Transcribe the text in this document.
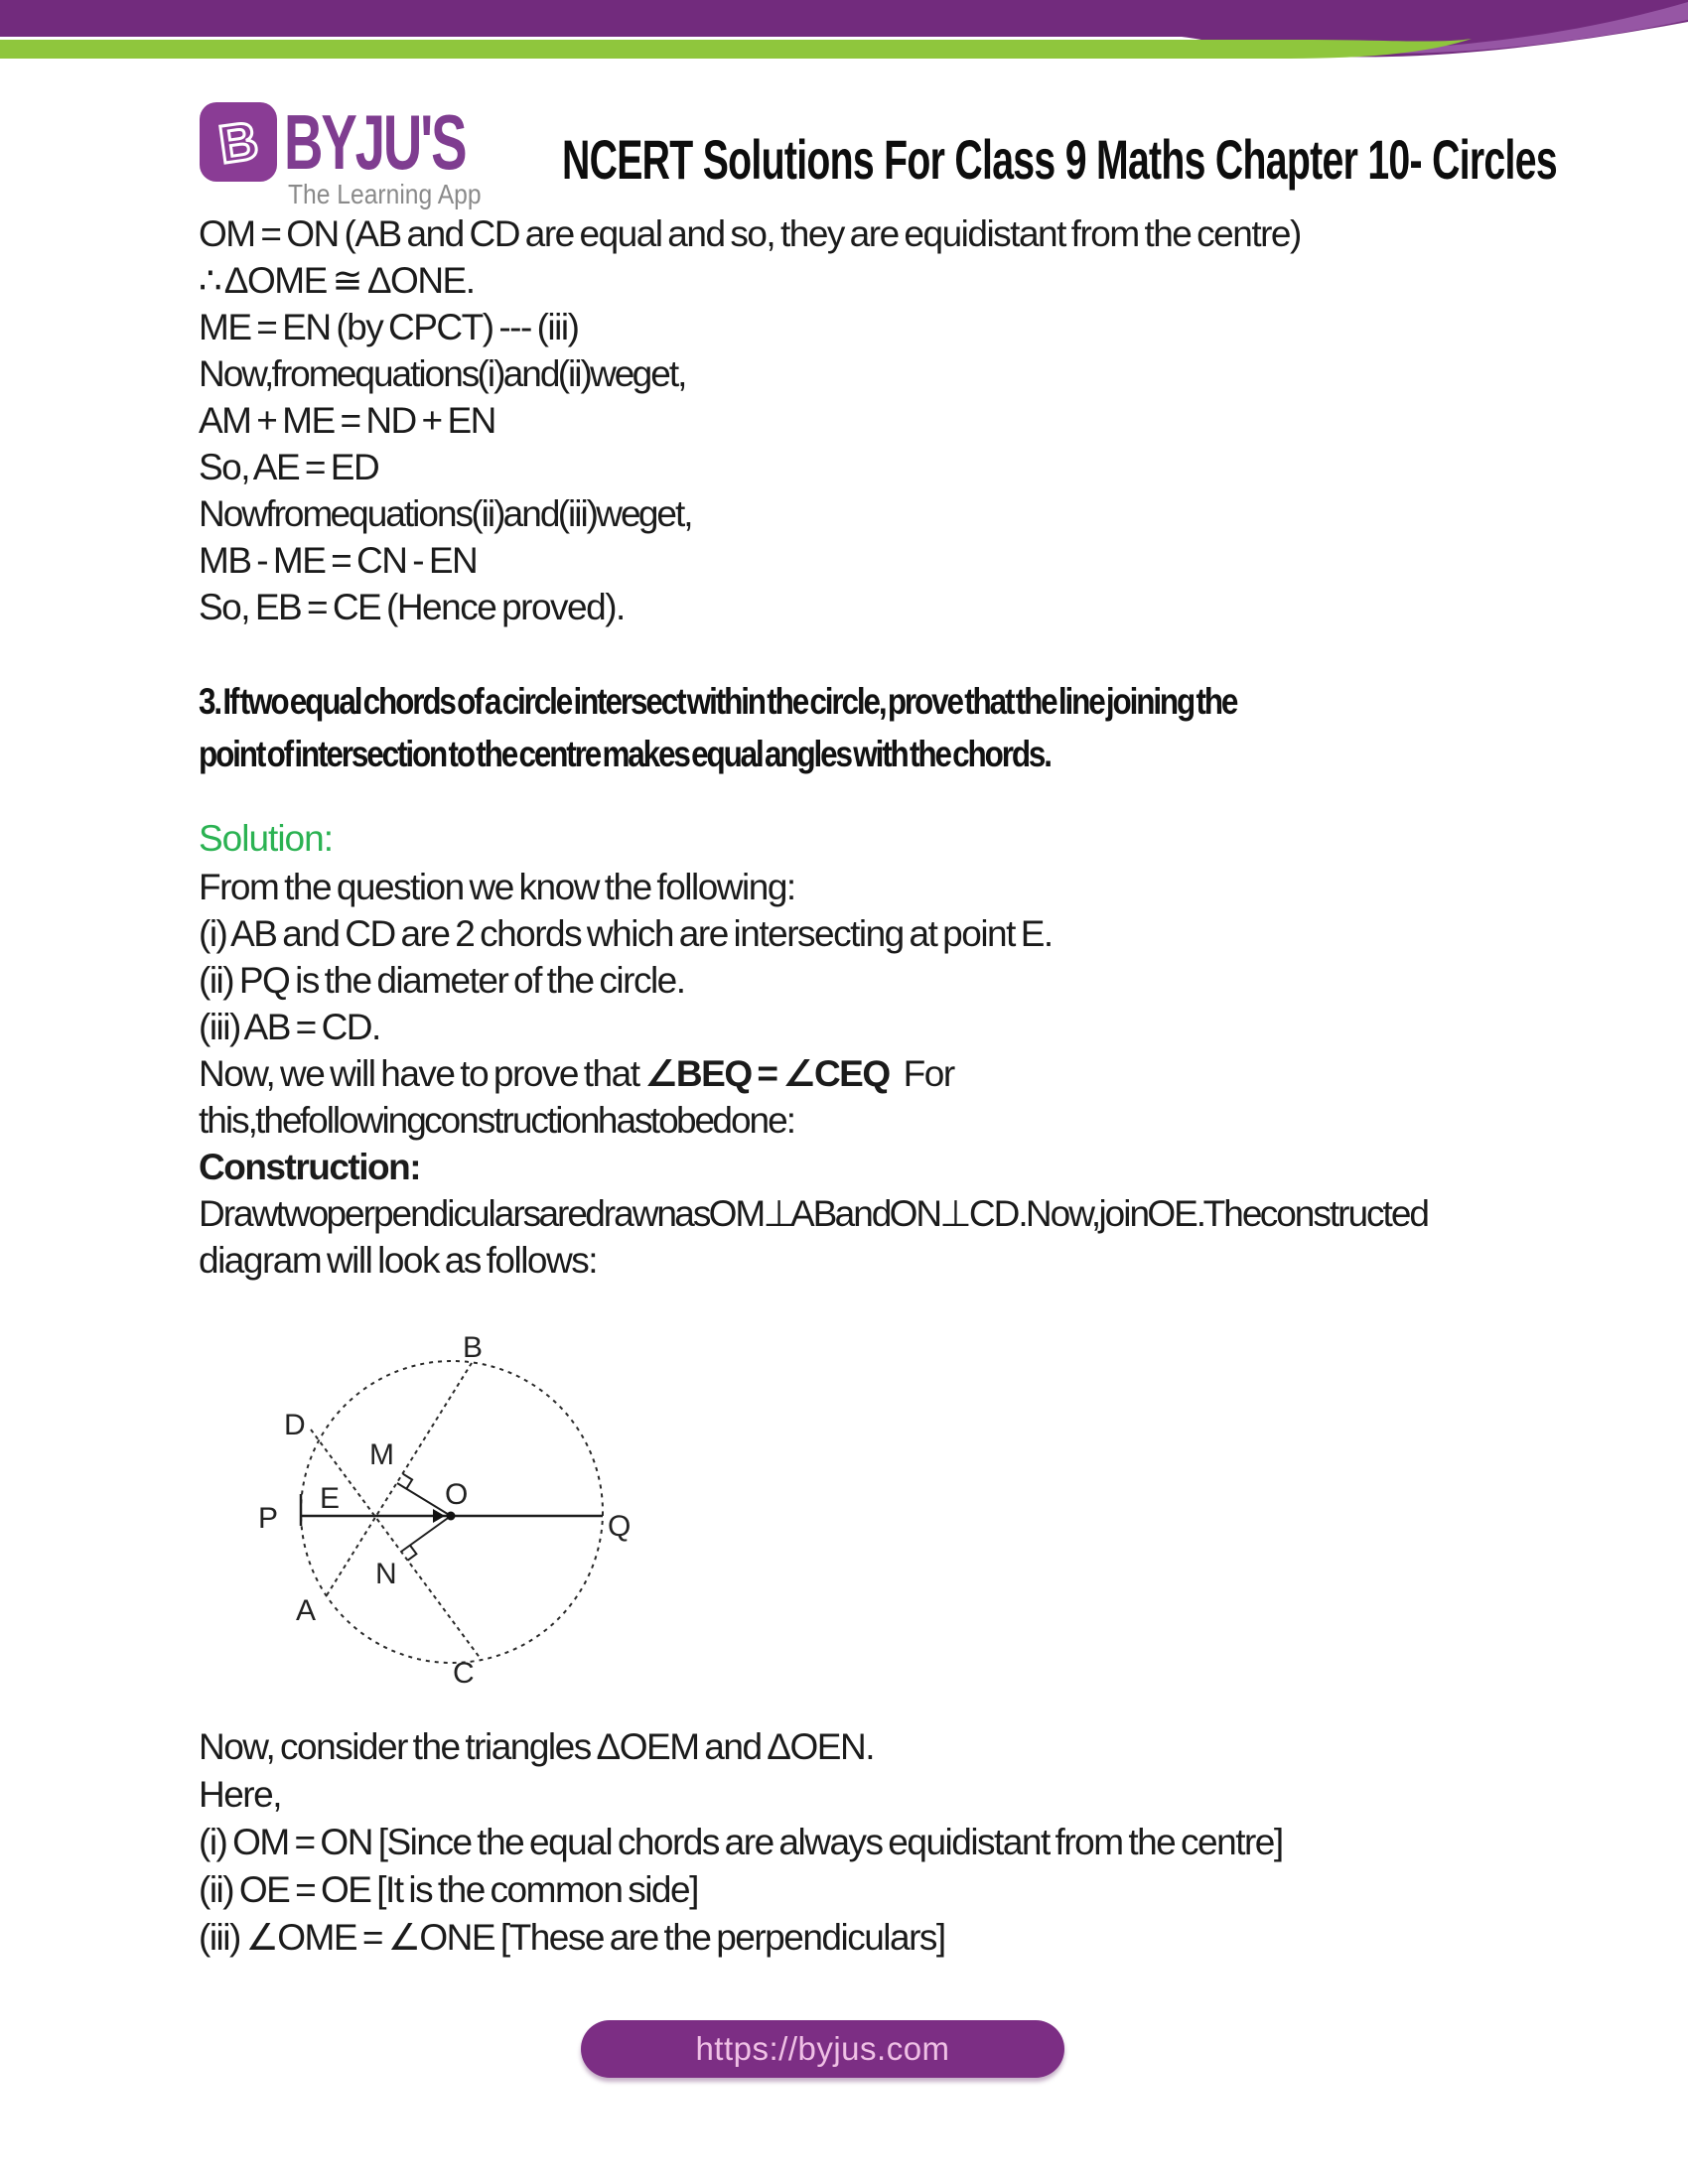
B BYJU'S
The Learning App
NCERT Solutions For Class 9 Maths Chapter 10- Circles
OM = ON (AB and CD are equal and so, they are equidistant from the centre)
∴ ΔOME ≅ ΔONE.
ME = EN (by CPCT) --- (iii)
Now, from equations (i) and (ii) we get,
AM + ME = ND + EN
So, AE = ED
Now from equations (ii) and (iii) we get,
MB - ME = CN - EN
So, EB = CE (Hence proved).
3. If two equal chords of a circle intersect within the circle, prove that the line joining the
point of intersection to the centre makes equal angles with the chords.
Solution:
From the question we know the following:
(i) AB and CD are 2 chords which are intersecting at point E.
(ii) PQ is the diameter of the circle.
(iii) AB = CD.
Now, we will have to prove that ∠BEQ = ∠CEQ For
this, the following construction has to be done:
Construction:
Draw two perpendiculars are drawn as OM ⊥ AB and ON ⊥ CD. Now, join OE. The constructed
diagram will look as follows:
B
D
M
E
P
O
Q
A
N
C
Now, consider the triangles ΔOEM and ΔOEN.
Here,
(i) OM = ON [Since the equal chords are always equidistant from the centre]
(ii) OE = OE [It is the common side]
(iii) ∠OME = ∠ONE [These are the perpendiculars]
https://byjus.com
